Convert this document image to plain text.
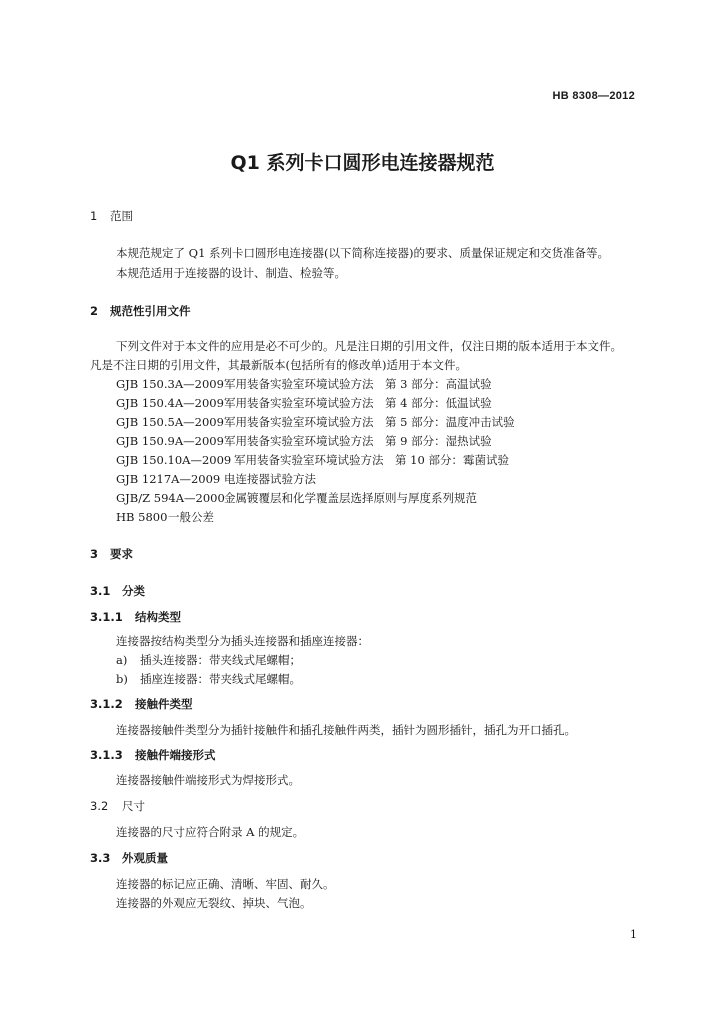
HB 8308—2012
Q1 系列卡口圆形电连接器规范
1 范围
本规范规定了 Q1 系列卡口圆形电连接器(以下简称连接器)的要求、质量保证规定和交货准备等。
本规范适用于连接器的设计、制造、检验等。
2 规范性引用文件
下列文件对于本文件的应用是必不可少的。凡是注日期的引用文件，仅注日期的版本适用于本文件。
凡是不注日期的引用文件，其最新版本(包括所有的修改单)适用于本文件。
GJB 150.3A—2009军用装备实验室环境试验方法　第 3 部分：高温试验
GJB 150.4A—2009军用装备实验室环境试验方法　第 4 部分：低温试验
GJB 150.5A—2009军用装备实验室环境试验方法　第 5 部分：温度冲击试验
GJB 150.9A—2009军用装备实验室环境试验方法　第 9 部分：湿热试验
GJB 150.10A—2009 军用装备实验室环境试验方法　第 10 部分：霉菌试验
GJB 1217A—2009 电连接器试验方法
GJB/Z 594A—2000金属镀覆层和化学覆盖层选择原则与厚度系列规范
HB 5800一般公差
3 要求
3.1 分类
3.1.1 结构类型
连接器按结构类型分为插头连接器和插座连接器：
a) 插头连接器：带夹线式尾螺帽；
b) 插座连接器：带夹线式尾螺帽。
3.1.2 接触件类型
连接器接触件类型分为插针接触件和插孔接触件两类，插针为圆形插针，插孔为开口插孔。
3.1.3 接触件端接形式
连接器接触件端接形式为焊接形式。
3.2 尺寸
连接器的尺寸应符合附录 A 的规定。
3.3 外观质量
连接器的标记应正确、清晰、牢固、耐久。
连接器的外观应无裂纹、掉块、气泡。
1
